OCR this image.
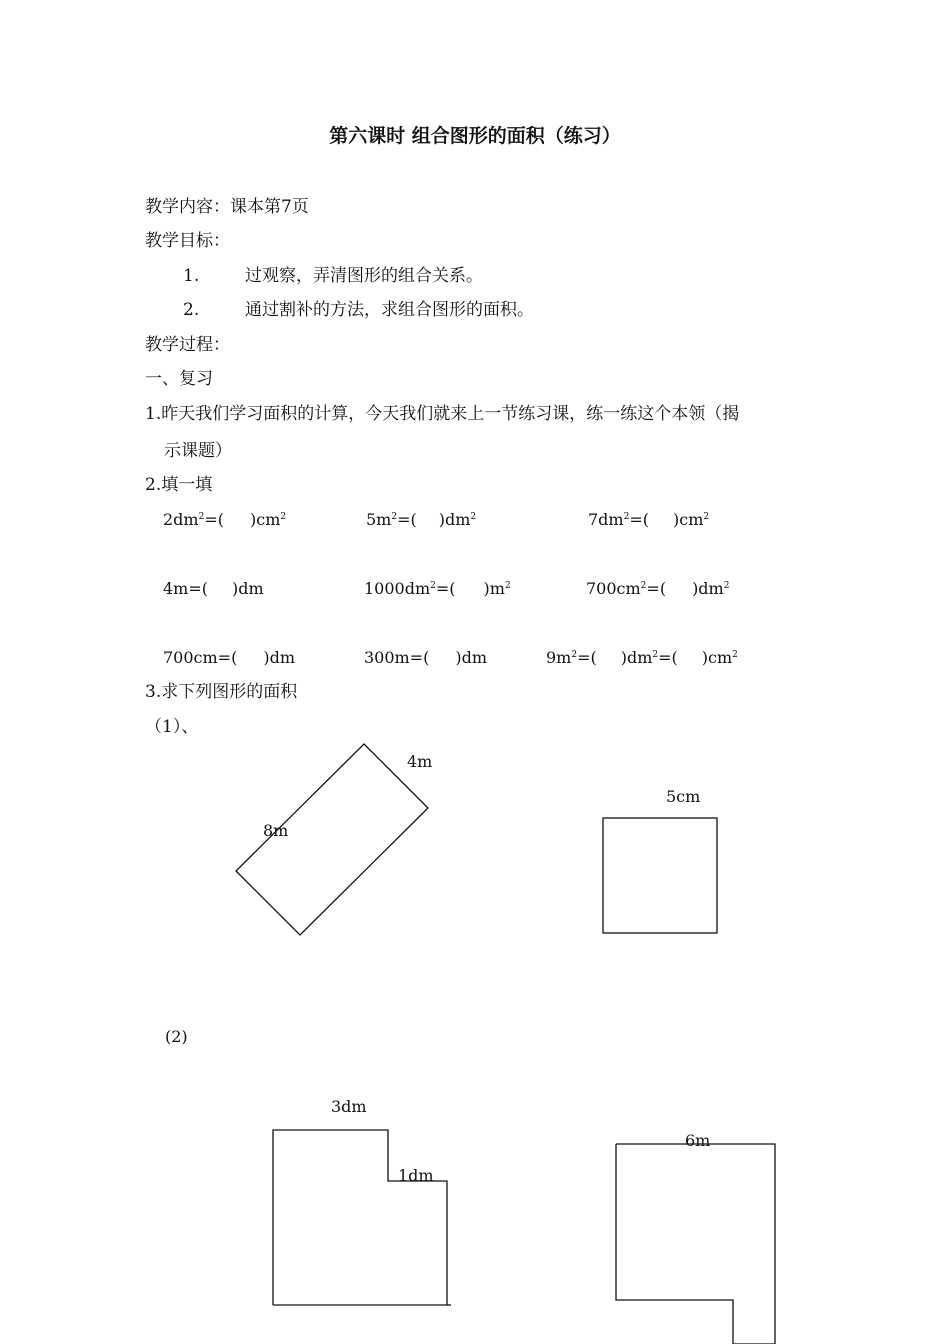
第六课时 组合图形的面积（练习）
教学内容：课本第7页
教学目标：
1.	过观察，弄清图形的组合关系。
2.	通过割补的方法，求组合图形的面积。
教学过程：
一、复习
1.昨天我们学习面积的计算，今天我们就来上一节练习课，练一练这个本领（揭
示课题）
2.填一填
$2dm^2=$( )$cm^2$	$5m^2=$( )$dm^2$	$7dm^2=$( )$cm^2$
4m=( )dm	$1000dm^2=$( )$m^2$	$700cm^2=$( )$dm^2$
700cm=( )dm	300m=( )dm	$9m^2=$( )$dm^2=$( )$cm^2$
3.求下列图形的面积
（1）、
(2)
4m
8m
5cm
3dm
1dm
6m
